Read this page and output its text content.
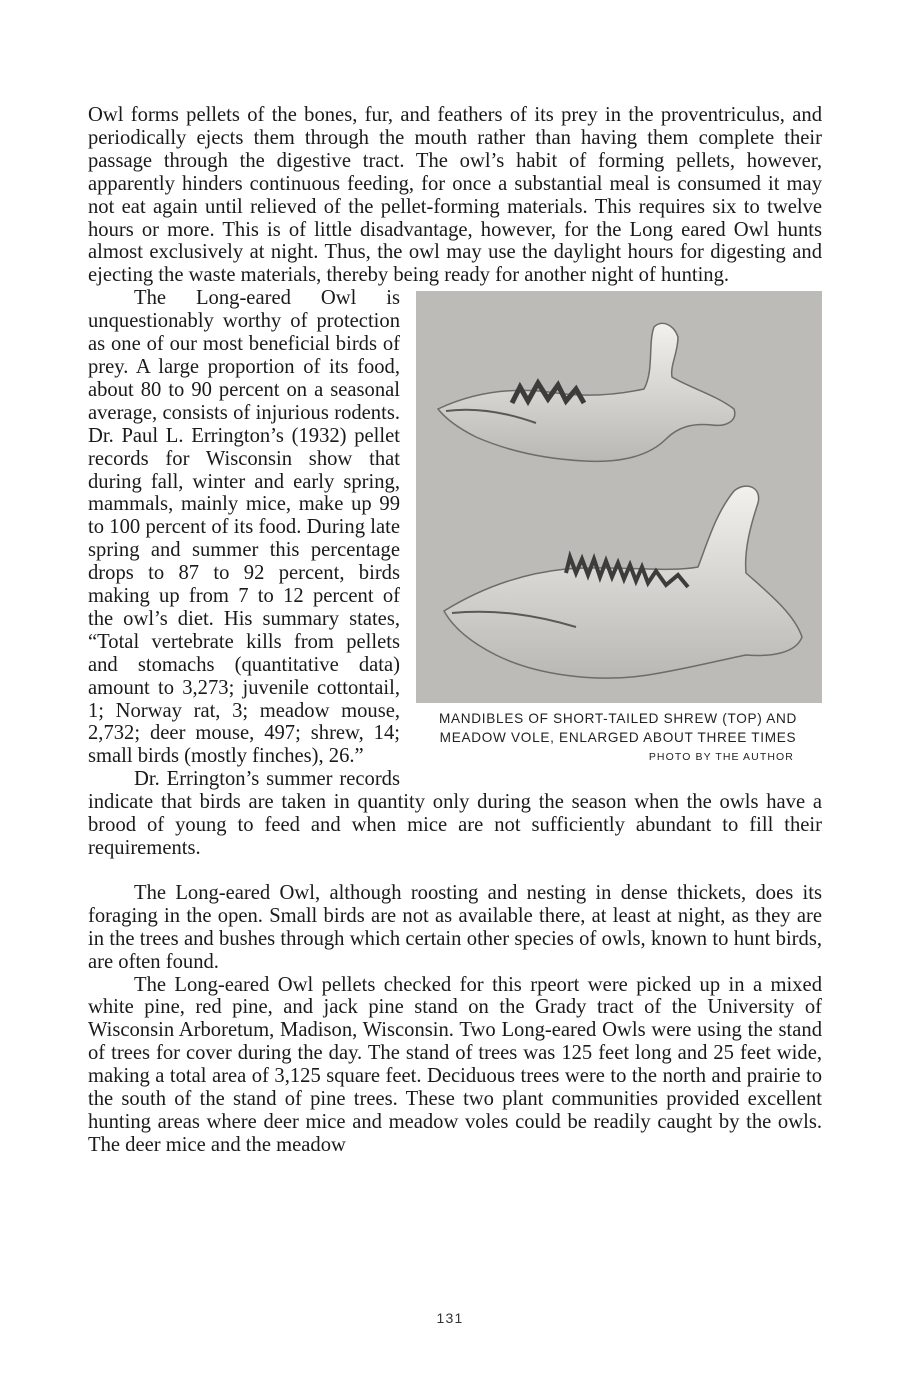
Owl forms pellets of the bones, fur, and feathers of its prey in the proventriculus, and periodically ejects them through the mouth rather than having them complete their passage through the digestive tract. The owl’s habit of forming pellets, however, apparently hinders continuous feeding, for once a substantial meal is consumed it may not eat again until relieved of the pellet-forming materials. This requires six to twelve hours or more. This is of little disadvantage, however, for the Long eared Owl hunts almost exclusively at night. Thus, the owl may use the daylight hours for digesting and ejecting the waste materials, thereby being ready for another night of hunting.

MANDIBLES OF SHORT-TAILED SHREW (TOP) AND MEADOW VOLE, ENLARGED ABOUT THREE TIMES
PHOTO BY THE AUTHOR

The Long-eared Owl is unquestionably worthy of protection as one of our most beneficial birds of prey. A large proportion of its food, about 80 to 90 percent on a seasonal average, consists of injurious rodents. Dr. Paul L. Errington’s (1932) pellet records for Wisconsin show that during fall, winter and early spring, mammals, mainly mice, make up 99 to 100 percent of its food. During late spring and summer this percentage drops to 87 to 92 percent, birds making up from 7 to 12 percent of the owl’s diet. His summary states, “Total vertebrate kills from pellets and stomachs (quantitative data) amount to 3,273; juvenile cottontail, 1; Norway rat, 3; meadow mouse, 2,732; deer mouse, 497; shrew, 14; small birds (mostly finches), 26.”

Dr. Errington’s summer records indicate that birds are taken in quantity only during the season when the owls have a brood of young to feed and when mice are not sufficiently abundant to fill their requirements.

The Long-eared Owl, although roosting and nesting in dense thickets, does its foraging in the open. Small birds are not as available there, at least at night, as they are in the trees and bushes through which certain other species of owls, known to hunt birds, are often found.

The Long-eared Owl pellets checked for this rpeort were picked up in a mixed white pine, red pine, and jack pine stand on the Grady tract of the University of Wisconsin Arboretum, Madison, Wisconsin. Two Long-eared Owls were using the stand of trees for cover during the day. The stand of trees was 125 feet long and 25 feet wide, making a total area of 3,125 square feet. Deciduous trees were to the north and prairie to the south of the stand of pine trees. These two plant communities provided excellent hunting areas where deer mice and meadow voles could be readily caught by the owls. The deer mice and the meadow

131
